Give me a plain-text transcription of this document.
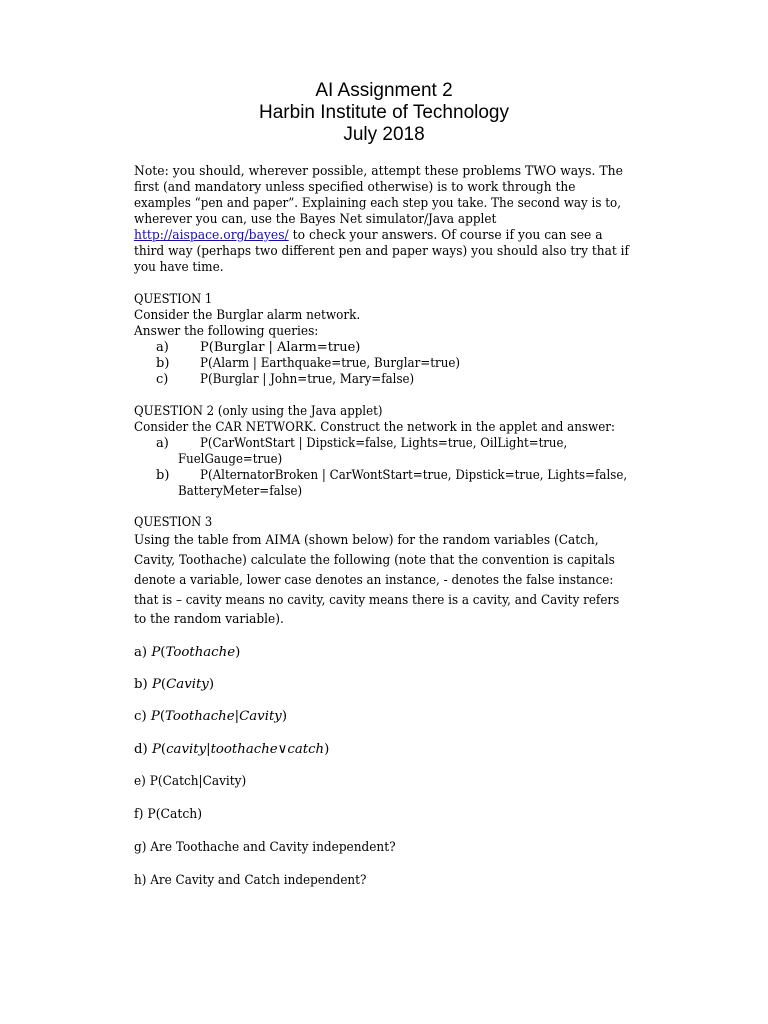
AI Assignment 2
Harbin Institute of Technology
July 2018
Note: you should, wherever possible, attempt these problems TWO ways. The
first (and mandatory unless specified otherwise) is to work through the
examples “pen and paper”. Explaining each step you take. The second way is to,
wherever you can, use the Bayes Net simulator/Java applet
http://aispace.org/bayes/ to check your answers. Of course if you can see a
third way (perhaps two different pen and paper ways) you should also try that if
you have time.
QUESTION 1
Consider the Burglar alarm network.
Answer the following queries:
a) P(Burglar | Alarm=true)
b) P(Alarm | Earthquake=true, Burglar=true)
c) P(Burglar | John=true, Mary=false)
QUESTION 2 (only using the Java applet)
Consider the CAR NETWORK. Construct the network in the applet and answer:
a) P(CarWontStart | Dipstick=false, Lights=true, OilLight=true,
FuelGauge=true)
b) P(AlternatorBroken | CarWontStart=true, Dipstick=true, Lights=false,
BatteryMeter=false)
QUESTION 3
Using the table from AIMA (shown below) for the random variables (Catch,
Cavity, Toothache) calculate the following (note that the convention is capitals
denote a variable, lower case denotes an instance, - denotes the false instance:
that is – cavity means no cavity, cavity means there is a cavity, and Cavity refers
to the random variable).
a) P(Toothache)
b) P(Cavity)
c) P(Toothache|Cavity)
d) P(cavity|toothache∨catch)
e) P(Catch|Cavity)
f) P(Catch)
g) Are Toothache and Cavity independent?
h) Are Cavity and Catch independent?
